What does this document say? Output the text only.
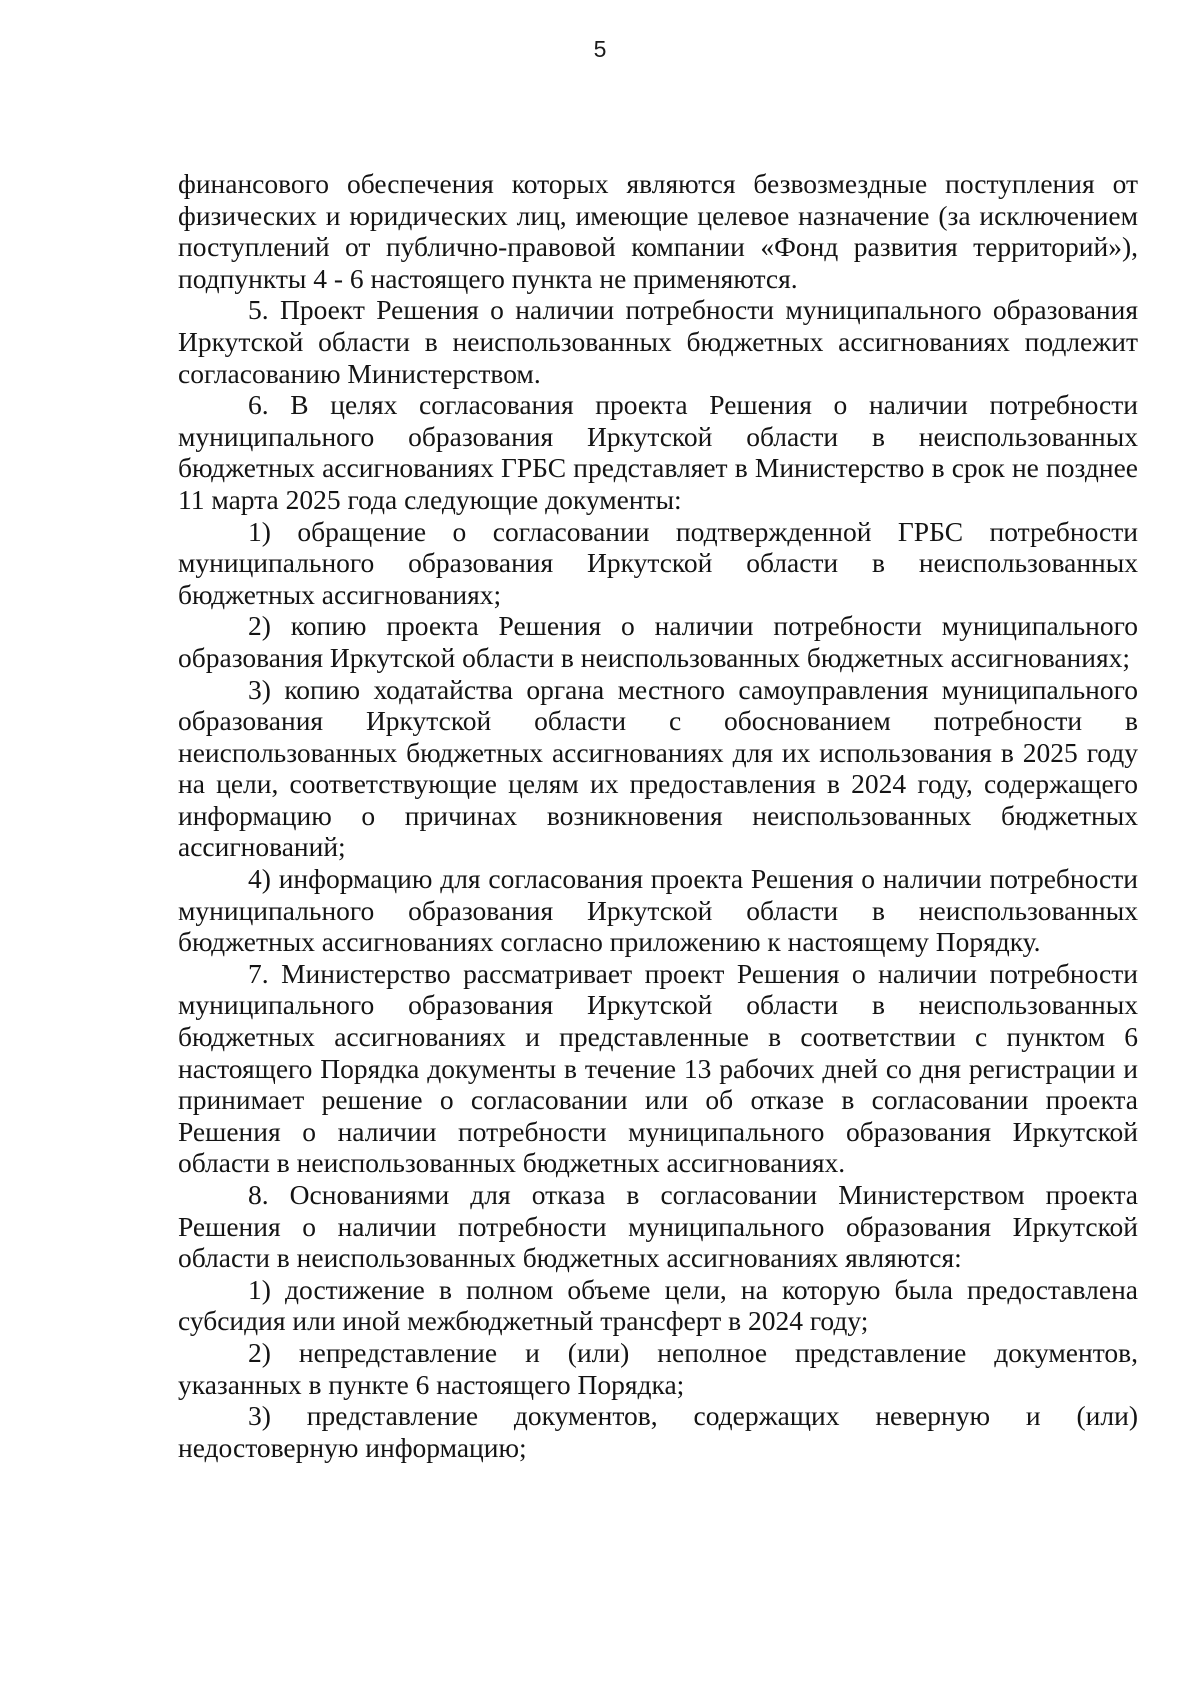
5

финансового обеспечения которых являются безвозмездные поступления от физических и юридических лиц, имеющие целевое назначение (за исключением поступлений от публично-правовой компании «Фонд развития территорий»), подпункты 4 - 6 настоящего пункта не применяются.

5. Проект Решения о наличии потребности муниципального образования Иркутской области в неиспользованных бюджетных ассигнованиях подлежит согласованию Министерством.

6. В целях согласования проекта Решения о наличии потребности муниципального образования Иркутской области в неиспользованных бюджетных ассигнованиях ГРБС представляет в Министерство в срок не позднее 11 марта 2025 года следующие документы:

1) обращение о согласовании подтвержденной ГРБС потребности муниципального образования Иркутской области в неиспользованных бюджетных ассигнованиях;

2) копию проекта Решения о наличии потребности муниципального образования Иркутской области в неиспользованных бюджетных ассигнованиях;

3) копию ходатайства органа местного самоуправления муниципального образования Иркутской области с обоснованием потребности в неиспользованных бюджетных ассигнованиях для их использования в 2025 году на цели, соответствующие целям их предоставления в 2024 году, содержащего информацию о причинах возникновения неиспользованных бюджетных ассигнований;

4) информацию для согласования проекта Решения о наличии потребности муниципального образования Иркутской области в неиспользованных бюджетных ассигнованиях согласно приложению к настоящему Порядку.

7. Министерство рассматривает проект Решения о наличии потребности муниципального образования Иркутской области в неиспользованных бюджетных ассигнованиях и представленные в соответствии с пунктом 6 настоящего Порядка документы в течение 13 рабочих дней со дня регистрации и принимает решение о согласовании или об отказе в согласовании проекта Решения о наличии потребности муниципального образования Иркутской области в неиспользованных бюджетных ассигнованиях.

8. Основаниями для отказа в согласовании Министерством проекта Решения о наличии потребности муниципального образования Иркутской области в неиспользованных бюджетных ассигнованиях являются:

1) достижение в полном объеме цели, на которую была предоставлена субсидия или иной межбюджетный трансферт в 2024 году;

2) непредставление и (или) неполное представление документов, указанных в пункте 6 настоящего Порядка;

3) представление документов, содержащих неверную и (или) недостоверную информацию;
